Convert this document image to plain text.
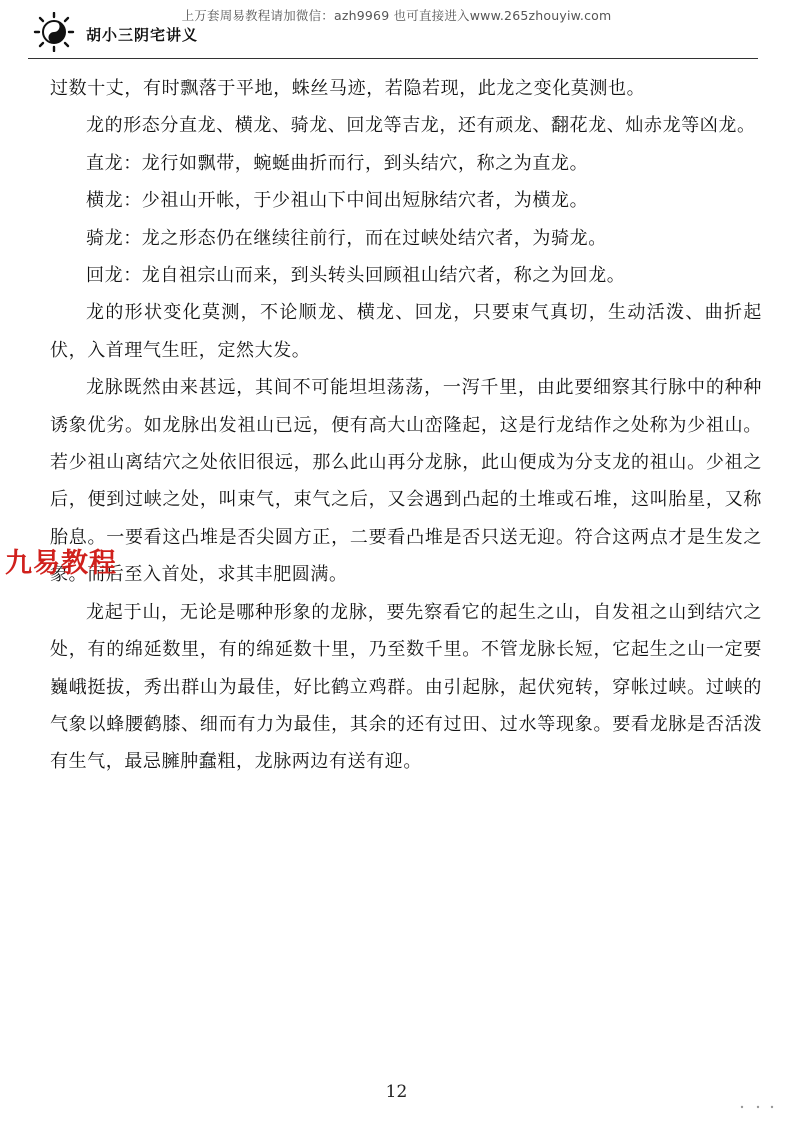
上万套周易教程请加微信：azh9969 也可直接进入www.265zhouyiw.com
胡小三阴宅讲义

过数十丈，有时飘落于平地，蛛丝马迹，若隐若现，此龙之变化莫测也。

龙的形态分直龙、横龙、骑龙、回龙等吉龙，还有顽龙、翻花龙、灿赤龙等凶龙。

直龙：龙行如飘带，蜿蜒曲折而行，到头结穴，称之为直龙。

横龙：少祖山开帐，于少祖山下中间出短脉结穴者，为横龙。

骑龙：龙之形态仍在继续往前行，而在过峡处结穴者，为骑龙。

回龙：龙自祖宗山而来，到头转头回顾祖山结穴者，称之为回龙。

龙的形状变化莫测，不论顺龙、横龙、回龙，只要束气真切，生动活泼、曲折起伏，入首理气生旺，定然大发。

龙脉既然由来甚远，其间不可能坦坦荡荡，一泻千里，由此要细察其行脉中的种种诱象优劣。如龙脉出发祖山已远，便有高大山峦隆起，这是行龙结作之处称为少祖山。若少祖山离结穴之处依旧很远，那么此山再分龙脉，此山便成为分支龙的祖山。少祖之后，便到过峡之处，叫束气，束气之后，又会遇到凸起的土堆或石堆，这叫胎星，又称胎息。一要看这凸堆是否尖圆方正，二要看凸堆是否只送无迎。符合这两点才是生发之象。而后至入首处，求其丰肥圆满。

龙起于山，无论是哪种形象的龙脉，要先察看它的起生之山，自发祖之山到结穴之处，有的绵延数里，有的绵延数十里，乃至数千里。不管龙脉长短，它起生之山一定要巍峨挺拔，秀出群山为最佳，好比鹤立鸡群。由引起脉，起伏宛转，穿帐过峡。过峡的气象以蜂腰鹤膝、细而有力为最佳，其余的还有过田、过水等现象。要看龙脉是否活泼有生气，最忌臃肿蠢粗，龙脉两边有送有迎。

九易教程
12
